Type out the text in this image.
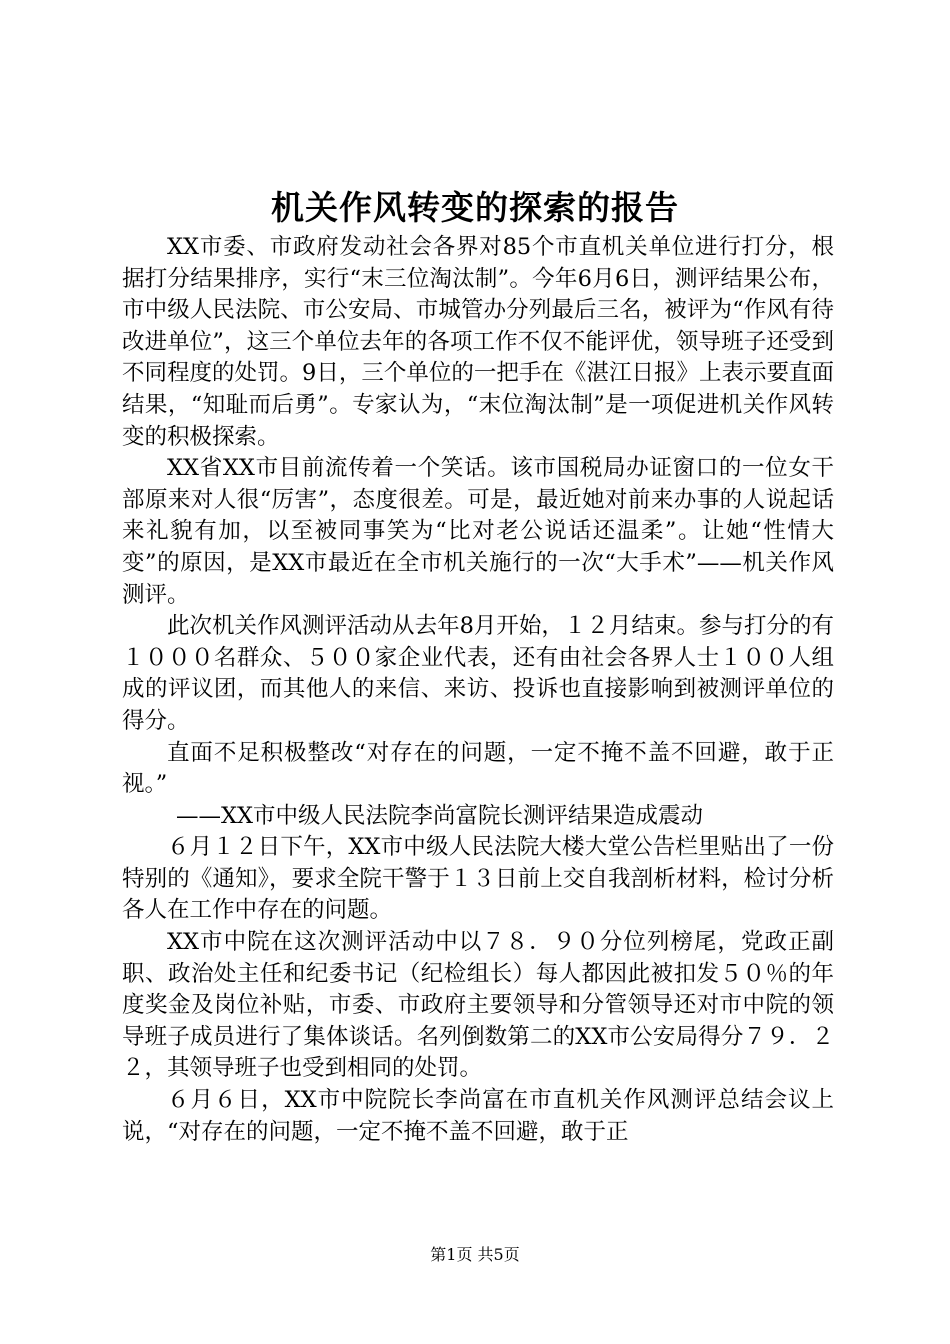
机关作风转变的探索的报告

XX市委、市政府发动社会各界对85个市直机关单位进行打分，根据打分结果排序，实行“末三位淘汰制”。今年6月6日，测评结果公布，市中级人民法院、市公安局、市城管办分列最后三名，被评为“作风有待改进单位”，这三个单位去年的各项工作不仅不能评优，领导班子还受到不同程度的处罚。9日，三个单位的一把手在《湛江日报》上表示要直面结果，“知耻而后勇”。专家认为，“末位淘汰制”是一项促进机关作风转变的积极探索。

XX省XX市目前流传着一个笑话。该市国税局办证窗口的一位女干部原来对人很“厉害”，态度很差。可是，最近她对前来办事的人说起话来礼貌有加，以至被同事笑为“比对老公说话还温柔”。让她“性情大变”的原因，是XX市最近在全市机关施行的一次“大手术”——机关作风测评。

此次机关作风测评活动从去年8月开始，１２月结束。参与打分的有１０００名群众、５００家企业代表，还有由社会各界人士１００人组成的评议团，而其他人的来信、来访、投诉也直接影响到被测评单位的得分。

直面不足积极整改“对存在的问题，一定不掩不盖不回避，敢于正视。”

——XX市中级人民法院李尚富院长测评结果造成震动

６月１２日下午，XX市中级人民法院大楼大堂公告栏里贴出了一份特别的《通知》，要求全院干警于１３日前上交自我剖析材料，检讨分析各人在工作中存在的问题。

XX市中院在这次测评活动中以７８．９０分位列榜尾，党政正副职、政治处主任和纪委书记（纪检组长）每人都因此被扣发５０％的年度奖金及岗位补贴，市委、市政府主要领导和分管领导还对市中院的领导班子成员进行了集体谈话。名列倒数第二的XX市公安局得分７９．２２，其领导班子也受到相同的处罚。

６月６日，XX市中院院长李尚富在市直机关作风测评总结会议上说，“对存在的问题，一定不掩不盖不回避，敢于正

第1页 共5页
